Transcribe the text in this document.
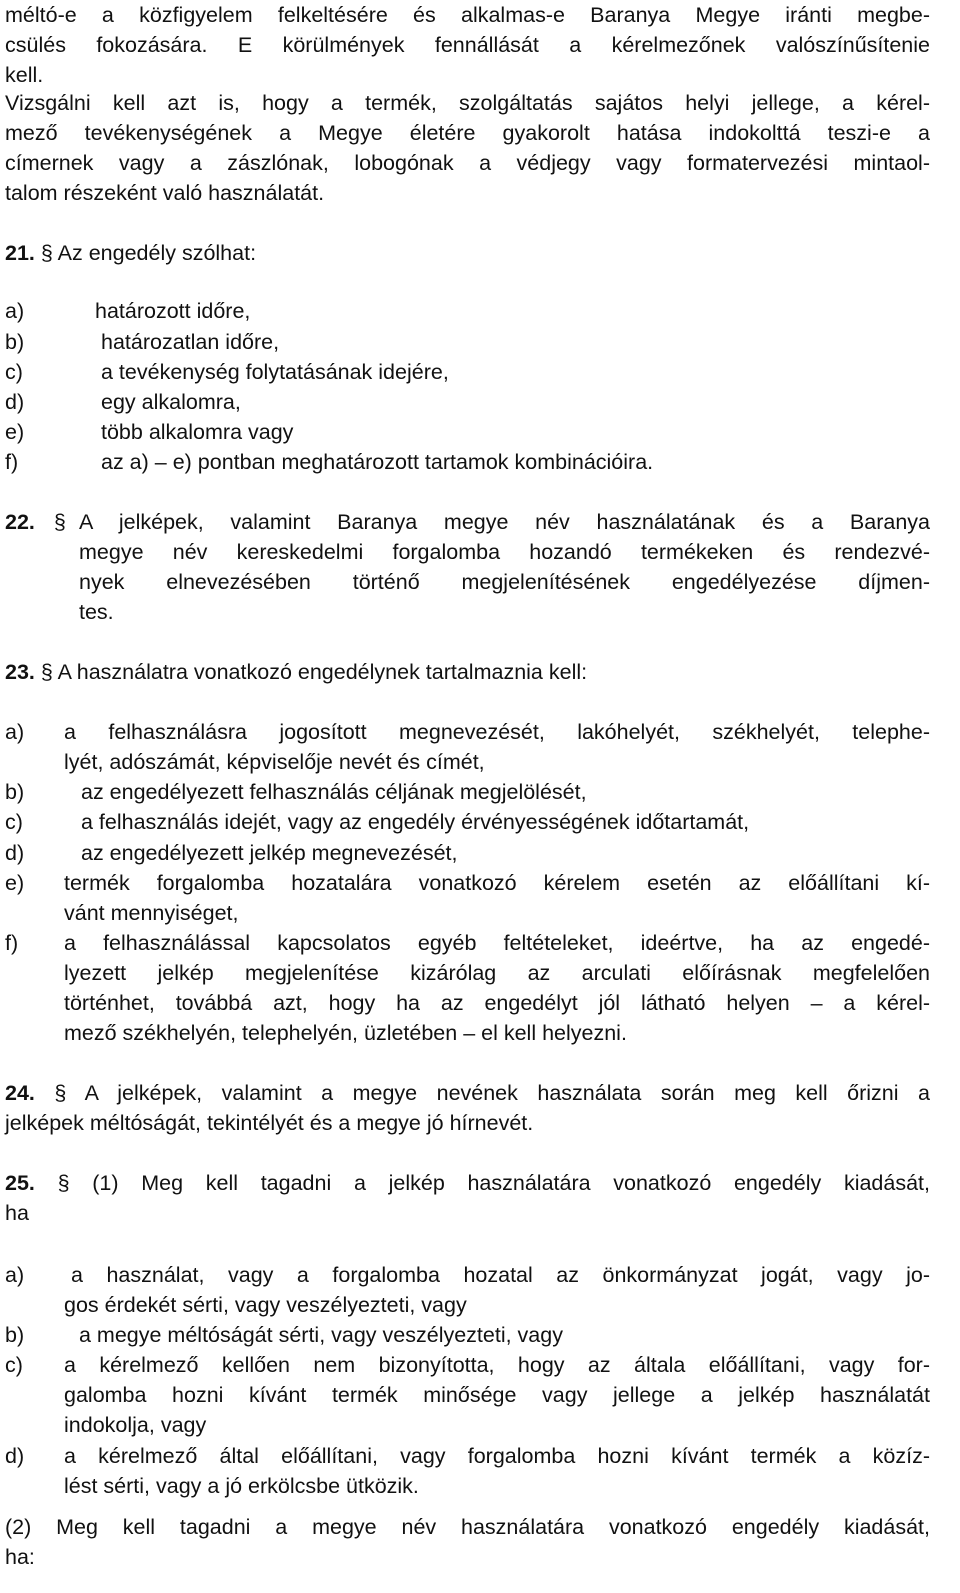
méltó-e a közfigyelem felkeltésére és alkalmas-e Baranya Megye iránti megbe-
csülés fokozására. E körülmények fennállását a kérelmezőnek valószínűsítenie
kell.
Vizsgálni kell azt is, hogy a termék, szolgáltatás sajátos helyi jellege, a kérel-
mező tevékenységének a Megye életére gyakorolt hatása indokolttá teszi-e a
címernek vagy a zászlónak, lobogónak a védjegy vagy formatervezési mintaol-
talom részeként való használatát.
21. § Az engedély szólhat:
a)	határozott időre,
b)	határozatlan időre,
c)	a tevékenység folytatásának idejére,
d)	egy alkalomra,
e)	több alkalomra vagy
f)	az a) – e) pontban meghatározott tartamok kombinációira.
22. § A jelképek, valamint Baranya megye név használatának és a Baranya
megye név kereskedelmi forgalomba hozandó termékeken és rendezvé-
nyek elnevezésében történő megjelenítésének engedélyezése díjmen-
tes.
23. § A használatra vonatkozó engedélynek tartalmaznia kell:
a) a felhasználásra jogosított megnevezését, lakóhelyét, székhelyét, telephe-
lyét, adószámát, képviselője nevét és címét,
b)	az engedélyezett felhasználás céljának megjelölését,
c)	a felhasználás idejét, vagy az engedély érvényességének időtartamát,
d)	az engedélyezett jelkép megnevezését,
e) termék forgalomba hozatalára vonatkozó kérelem esetén az előállítani kí-
vánt mennyiséget,
f) a felhasználással kapcsolatos egyéb feltételeket, ideértve, ha az engedé-
lyezett jelkép megjelenítése kizárólag az arculati előírásnak megfelelően
történhet, továbbá azt, hogy ha az engedélyt jól látható helyen – a kérel-
mező székhelyén, telephelyén, üzletében – el kell helyezni.
24. § A jelképek, valamint a megye nevének használata során meg kell őrizni a
jelképek méltóságát, tekintélyét és a megye jó hírnevét.
25. § (1) Meg kell tagadni a jelkép használatára vonatkozó engedély kiadását,
ha
a) a használat, vagy a forgalomba hozatal az önkormányzat jogát, vagy jo-
gos érdekét sérti, vagy veszélyezteti, vagy
b)	a megye méltóságát sérti, vagy veszélyezteti, vagy
c) a kérelmező kellően nem bizonyította, hogy az általa előállítani, vagy for-
galomba hozni kívánt termék minősége vagy jellege a jelkép használatát
indokolja, vagy
d) a kérelmező által előállítani, vagy forgalomba hozni kívánt termék a közíz-
lést sérti, vagy a jó erkölcsbe ütközik.
(2) Meg kell tagadni a megye név használatára vonatkozó engedély kiadását,
ha:
